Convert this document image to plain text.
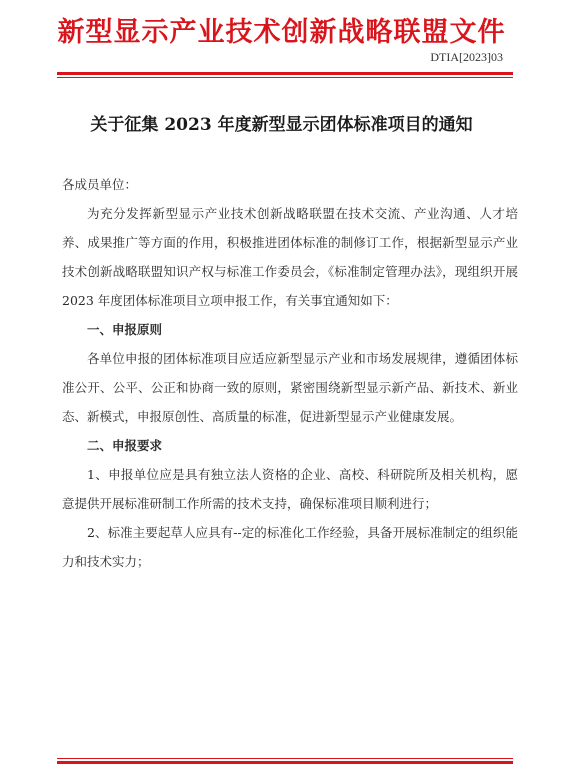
新型显示产业技术创新战略联盟文件
DTIA[2023]03
关于征集 2023 年度新型显示团体标准项目的通知

各成员单位：

为充分发挥新型显示产业技术创新战略联盟在技术交流、产业沟通、人才培养、成果推广等方面的作用，积极推进团体标准的制修订工作，根据新型显示产业技术创新战略联盟知识产权与标准工作委员会，《标准制定管理办法》，现组织开展 2023 年度团体标准项目立项申报工作，有关事宜通知如下：

一、申报原则

各单位申报的团体标准项目应适应新型显示产业和市场发展规律，遵循团体标准公开、公平、公正和协商一致的原则，紧密围绕新型显示新产品、新技术、新业态、新模式，申报原创性、高质量的标准，促进新型显示产业健康发展。

二、申报要求

1、申报单位应是具有独立法人资格的企业、高校、科研院所及相关机构，愿意提供开展标准研制工作所需的技术支持，确保标准项目顺利进行；

2、标准主要起草人应具有--定的标准化工作经验，具备开展标准制定的组织能力和技术实力；
